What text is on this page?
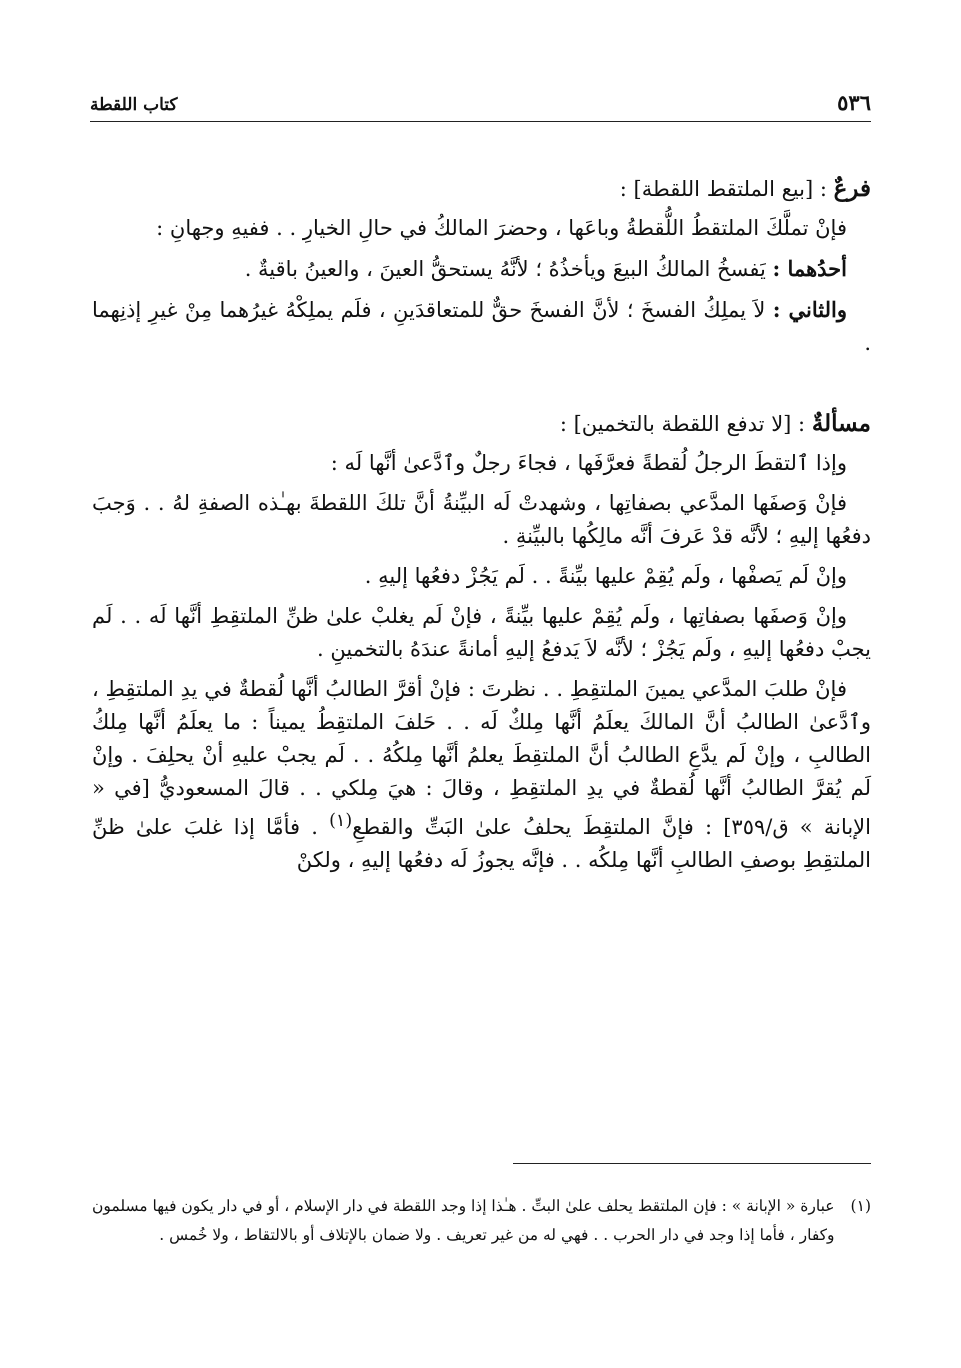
٥٣٦
كتاب اللقطة

فرعٌ : [بيع الملتقط اللقطة] :

فإنْ تملَّكَ الملتقطُ اللُّقطةُ وباعَها ، وحضرَ المالكُ في حالِ الخيارِ . . ففيهِ وجهانِ :

أحدُهما : يَفسخُ المالكُ البيعَ ويأخذُهُ ؛ لأنَّهُ يستحقُّ العينَ ، والعينُ باقيةٌ .

والثاني : لاَ يملِكُ الفسخَ ؛ لأنَّ الفسخَ حقٌّ للمتعاقدَينِ ، فلَم يملِكْهُ غيرُهما مِنْ غيرِ إذنِهما .

مسألةٌ : [لا تدفع اللقطة بالتخمين] :

وإذا ٱلتقطَ الرجلُ لُقطةً فعرَّفَها ، فجاءَ رجلٌ وٱدَّعىٰ أنَّها لَه :

فإنْ وَصفَها المدَّعي بصفاتِها ، وشهدتْ لَه البيِّنةُ أنَّ تلكَ اللقطةَ بهـٰذه الصفةِ لهُ . . وَجبَ دفعُها إليهِ ؛ لأنَّه قدْ عَرفَ أنَّه مالِكُها بالبيِّنةِ .

وإنْ لَم يَصفْها ، ولَم يُقِمْ عليها بيِّنةً . . لَم يَجُزْ دفعُها إليهِ .

وإنْ وَصفَها بصفاتِها ، ولَم يُقِمْ عليها بيِّنةً ، فإنْ لَم يغلبْ علىٰ ظنِّ الملتقِطِ أنَّها لَه . . لَم يجبْ دفعُها إليهِ ، ولَم يَجُزْ ؛ لأنَّه لاَ يَدفعُ إليهِ أمانةً عندَهُ بالتخمينِ .

فإنْ طلبَ المدَّعي يمينَ الملتقِطِ . . نظرتَ : فإنْ أقرَّ الطالبُ أنَّها لُقطةٌ في يدِ الملتقِطِ ، وٱدَّعىٰ الطالبُ أنَّ المالكَ يعلَمُ أنَّها مِلكٌ لَه . . حَلفَ الملتقِطُ يميناً : ما يعلَمُ أنَّها مِلكُ الطالبِ ، وإنْ لَم يدَّعِ الطالبُ أنَّ الملتقِطَ يعلمُ أنَّها مِلكُهُ . . لَم يجبْ عليهِ أنْ يحلِفَ . وإنْ لَم يُقرَّ الطالبُ أنَّها لُقطةٌ في يدِ الملتقِطِ ، وقالَ : هيَ مِلكي . . قالَ المسعوديُّ [في « الإبانة » ق/٣٥٩] : فإنَّ الملتقِطَ يحلفُ علىٰ البَتِّ والقطعِ$^{(١)}$ . فأمَّا إذا غلبَ علىٰ ظنِّ الملتقِطِ بوصفِ الطالبِ أنَّها مِلكُه . . فإنَّه يجوزُ لَه دفعُها إليهِ ، ولكنْ

(١)
عبارة « الإبانة » : فإن الملتقط يحلف علىٰ البتِّ . هـٰذا إذا وجد اللقطة في دار الإسلام ، أو في دار يكون فيها مسلمون وكفار ، فأما إذا وجد في دار الحرب . . فهي له من غير تعريف . ولا ضمان بالإتلاف أو بالالتقاط ، ولا خُمس .
